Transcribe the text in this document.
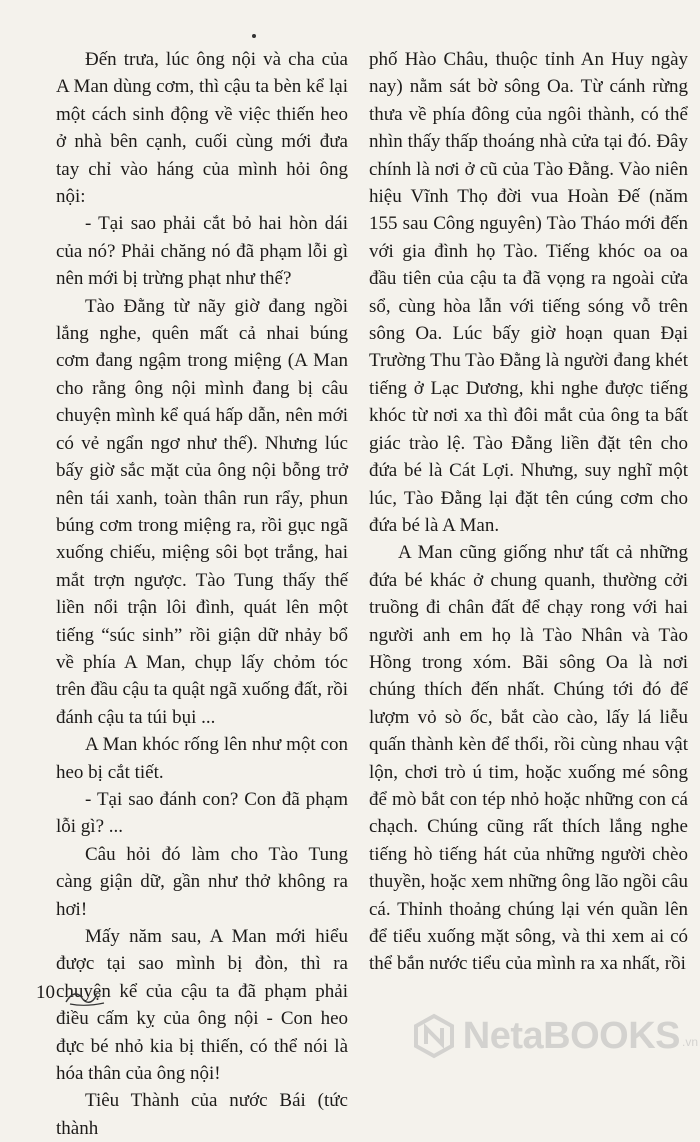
Đến trưa, lúc ông nội và cha của A Man dùng cơm, thì cậu ta bèn kể lại một cách sinh động về việc thiến heo ở nhà bên cạnh, cuối cùng mới đưa tay chỉ vào háng của mình hỏi ông nội:

- Tại sao phải cắt bỏ hai hòn dái của nó? Phải chăng nó đã phạm lỗi gì nên mới bị trừng phạt như thế?

Tào Đằng từ nãy giờ đang ngồi lắng nghe, quên mất cả nhai búng cơm đang ngậm trong miệng (A Man cho rằng ông nội mình đang bị câu chuyện mình kể quá hấp dẫn, nên mới có vẻ ngẩn ngơ như thế). Nhưng lúc bấy giờ sắc mặt của ông nội bỗng trở nên tái xanh, toàn thân run rẩy, phun búng cơm trong miệng ra, rồi gục ngã xuống chiếu, miệng sôi bọt trắng, hai mắt trợn ngược. Tào Tung thấy thế liền nổi trận lôi đình, quát lên một tiếng “súc sinh” rồi giận dữ nhảy bổ về phía A Man, chụp lấy chỏm tóc trên đầu cậu ta quật ngã xuống đất, rồi đánh cậu ta túi bụi ...

A Man khóc rống lên như một con heo bị cắt tiết.

- Tại sao đánh con? Con đã phạm lỗi gì? ...

Câu hỏi đó làm cho Tào Tung càng giận dữ, gần như thở không ra hơi!

Mấy năm sau, A Man mới hiểu được tại sao mình bị đòn, thì ra chuyện kể của cậu ta đã phạm phải điều cấm kỵ của ông nội - Con heo đực bé nhỏ kia bị thiến, có thể nói là hóa thân của ông nội!

Tiêu Thành của nước Bái (tức thành

phố Hào Châu, thuộc tỉnh An Huy ngày nay) nằm sát bờ sông Oa. Từ cánh rừng thưa về phía đông của ngôi thành, có thể nhìn thấy thấp thoáng nhà cửa tại đó. Đây chính là nơi ở cũ của Tào Đằng. Vào niên hiệu Vĩnh Thọ đời vua Hoàn Đế (năm 155 sau Công nguyên) Tào Tháo mới đến với gia đình họ Tào. Tiếng khóc oa oa đầu tiên của cậu ta đã vọng ra ngoài cửa sổ, cùng hòa lẫn với tiếng sóng vỗ trên sông Oa. Lúc bấy giờ hoạn quan Đại Trường Thu Tào Đằng là người đang khét tiếng ở Lạc Dương, khi nghe được tiếng khóc từ nơi xa thì đôi mắt của ông ta bất giác trào lệ. Tào Đằng liền đặt tên cho đứa bé là Cát Lợi. Nhưng, suy nghĩ một lúc, Tào Đằng lại đặt tên cúng cơm cho đứa bé là A Man.

A Man cũng giống như tất cả những đứa bé khác ở chung quanh, thường cởi truồng đi chân đất để chạy rong với hai người anh em họ là Tào Nhân và Tào Hồng trong xóm. Bãi sông Oa là nơi chúng thích đến nhất. Chúng tới đó để lượm vỏ sò ốc, bắt cào cào, lấy lá liễu quấn thành kèn để thổi, rồi cùng nhau vật lộn, chơi trò ú tim, hoặc xuống mé sông để mò bắt con tép nhỏ hoặc những con cá chạch. Chúng cũng rất thích lắng nghe tiếng hò tiếng hát của những người chèo thuyền, hoặc xem những ông lão ngồi câu cá. Thỉnh thoảng chúng lại vén quần lên để tiểu xuống mặt sông, và thi xem ai có thể bắn nước tiểu của mình ra xa nhất, rồi

10
NetaBOOKS .vn
